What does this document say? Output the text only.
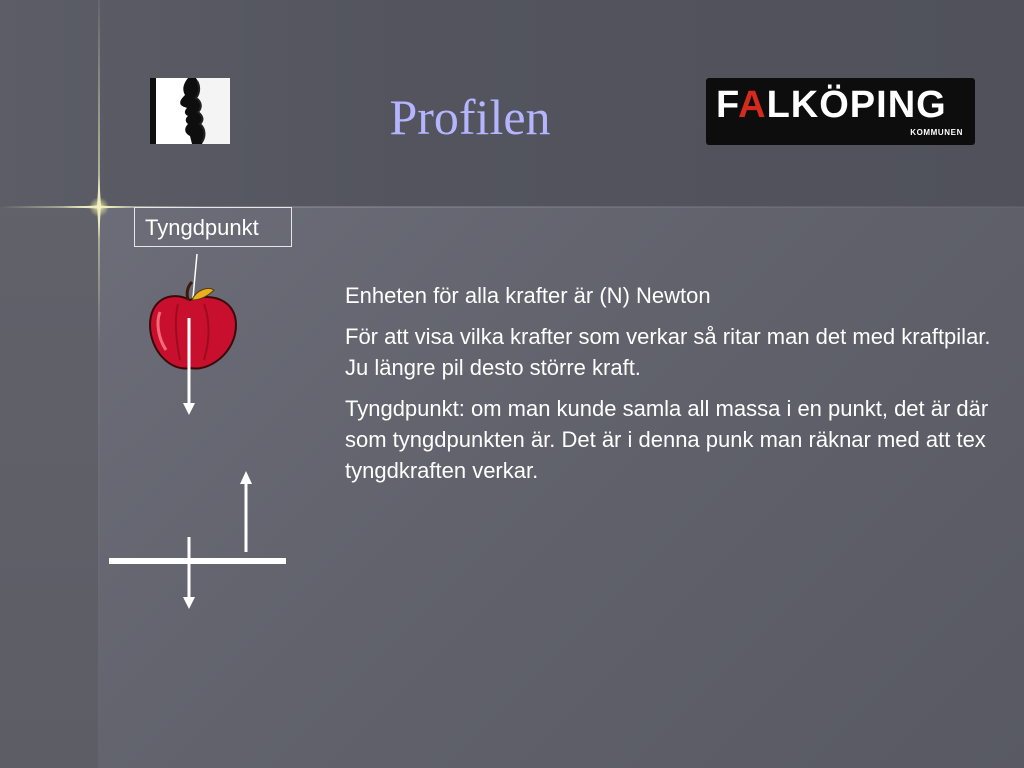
Profilen	FALKÖPING
KOMMUNEN
Tyngdpunkt

Enheten för alla krafter är (N) Newton

För att visa vilka krafter som verkar så ritar man det med kraftpilar. Ju längre pil desto större kraft.

Tyngdpunkt: om man kunde samla all massa i en punkt, det är där som tyngdpunkten är. Det är i denna punk man räknar med att tex tyngdkraften verkar.
